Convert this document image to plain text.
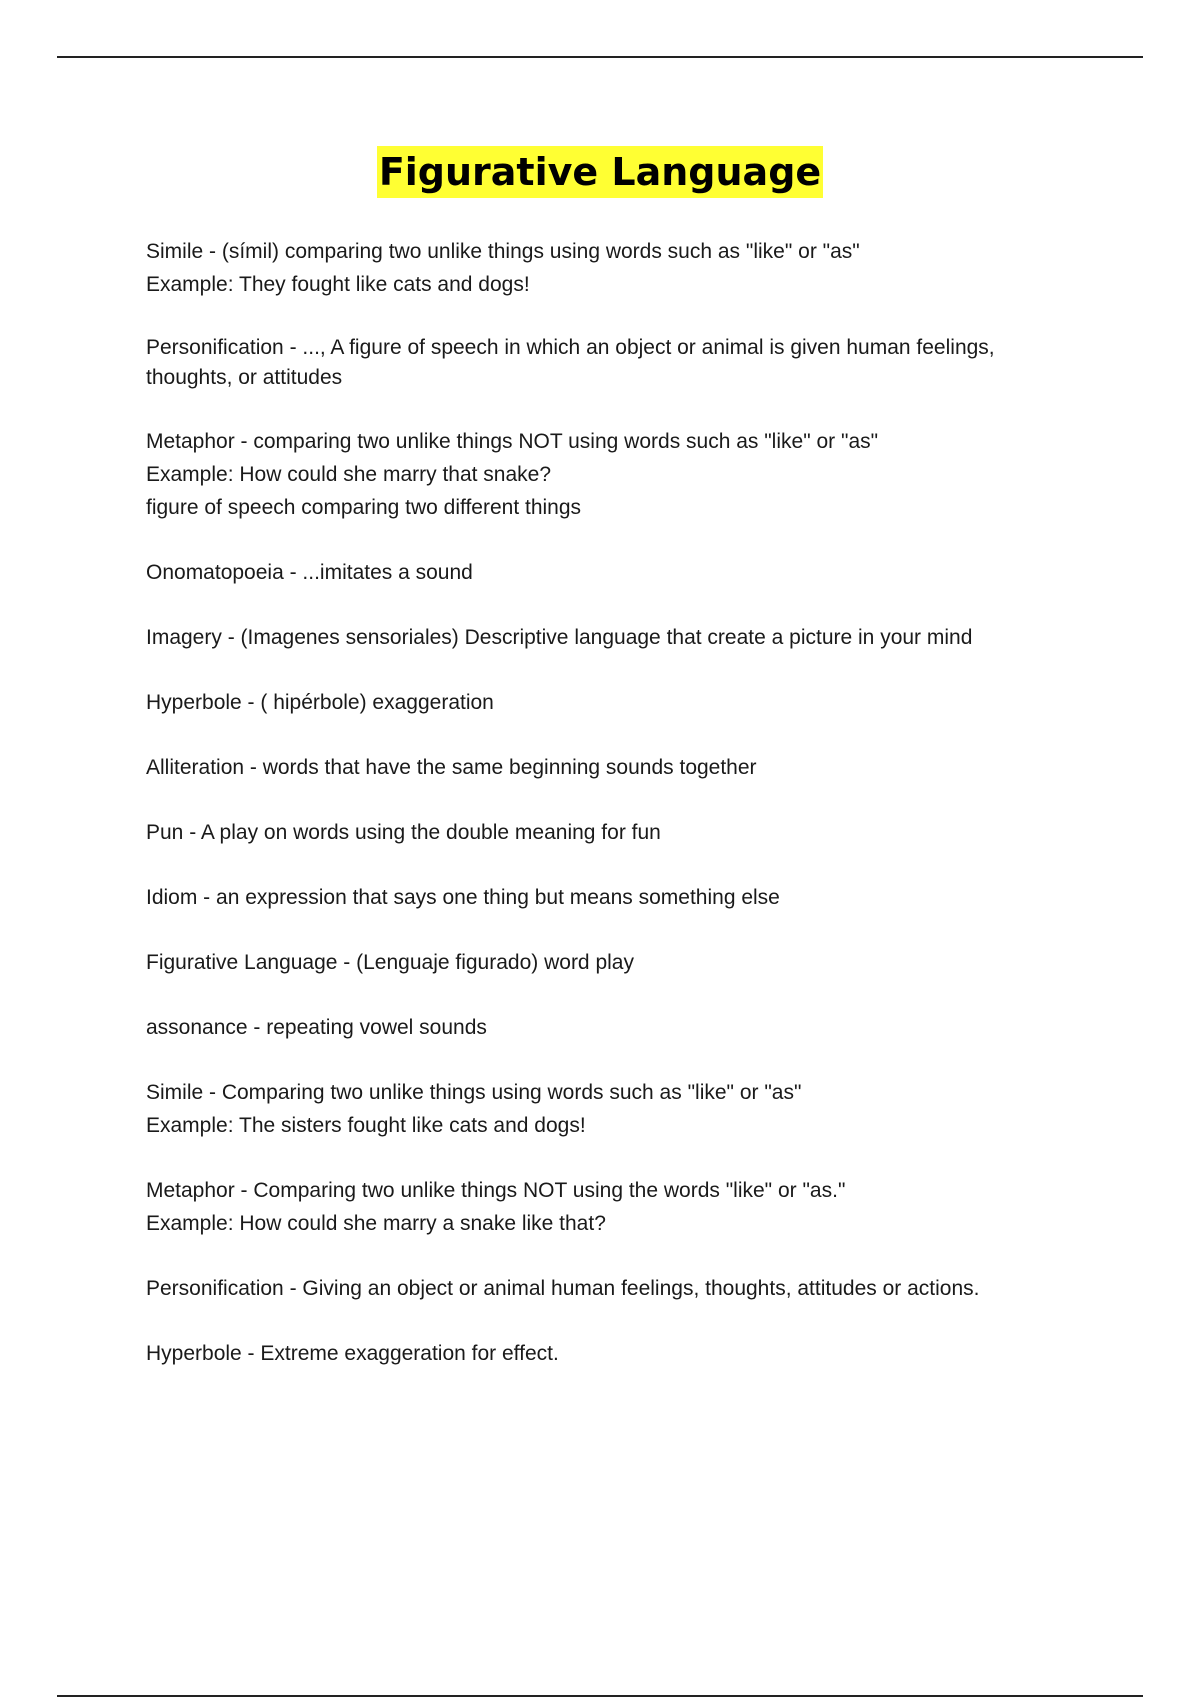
Figurative Language
Simile - (símil) comparing two unlike things using words such as "like" or "as"
Example: They fought like cats and dogs!
Personification - ..., A figure of speech in which an object or animal is given human feelings, thoughts, or attitudes
Metaphor - comparing two unlike things NOT using words such as "like" or "as"
Example: How could she marry that snake?
figure of speech comparing two different things
Onomatopoeia - ...imitates a sound
Imagery - (Imagenes sensoriales) Descriptive language that create a picture in your mind
Hyperbole - ( hipérbole) exaggeration
Alliteration - words that have the same beginning sounds together
Pun - A play on words using the double meaning for fun
Idiom - an expression that says one thing but means something else
Figurative Language - (Lenguaje figurado) word play
assonance - repeating vowel sounds
Simile - Comparing two unlike things using words such as "like" or "as"
Example: The sisters fought like cats and dogs!
Metaphor - Comparing two unlike things NOT using the words "like" or "as."
Example: How could she marry a snake like that?
Personification - Giving an object or animal human feelings, thoughts, attitudes or actions.
Hyperbole - Extreme exaggeration for effect.
